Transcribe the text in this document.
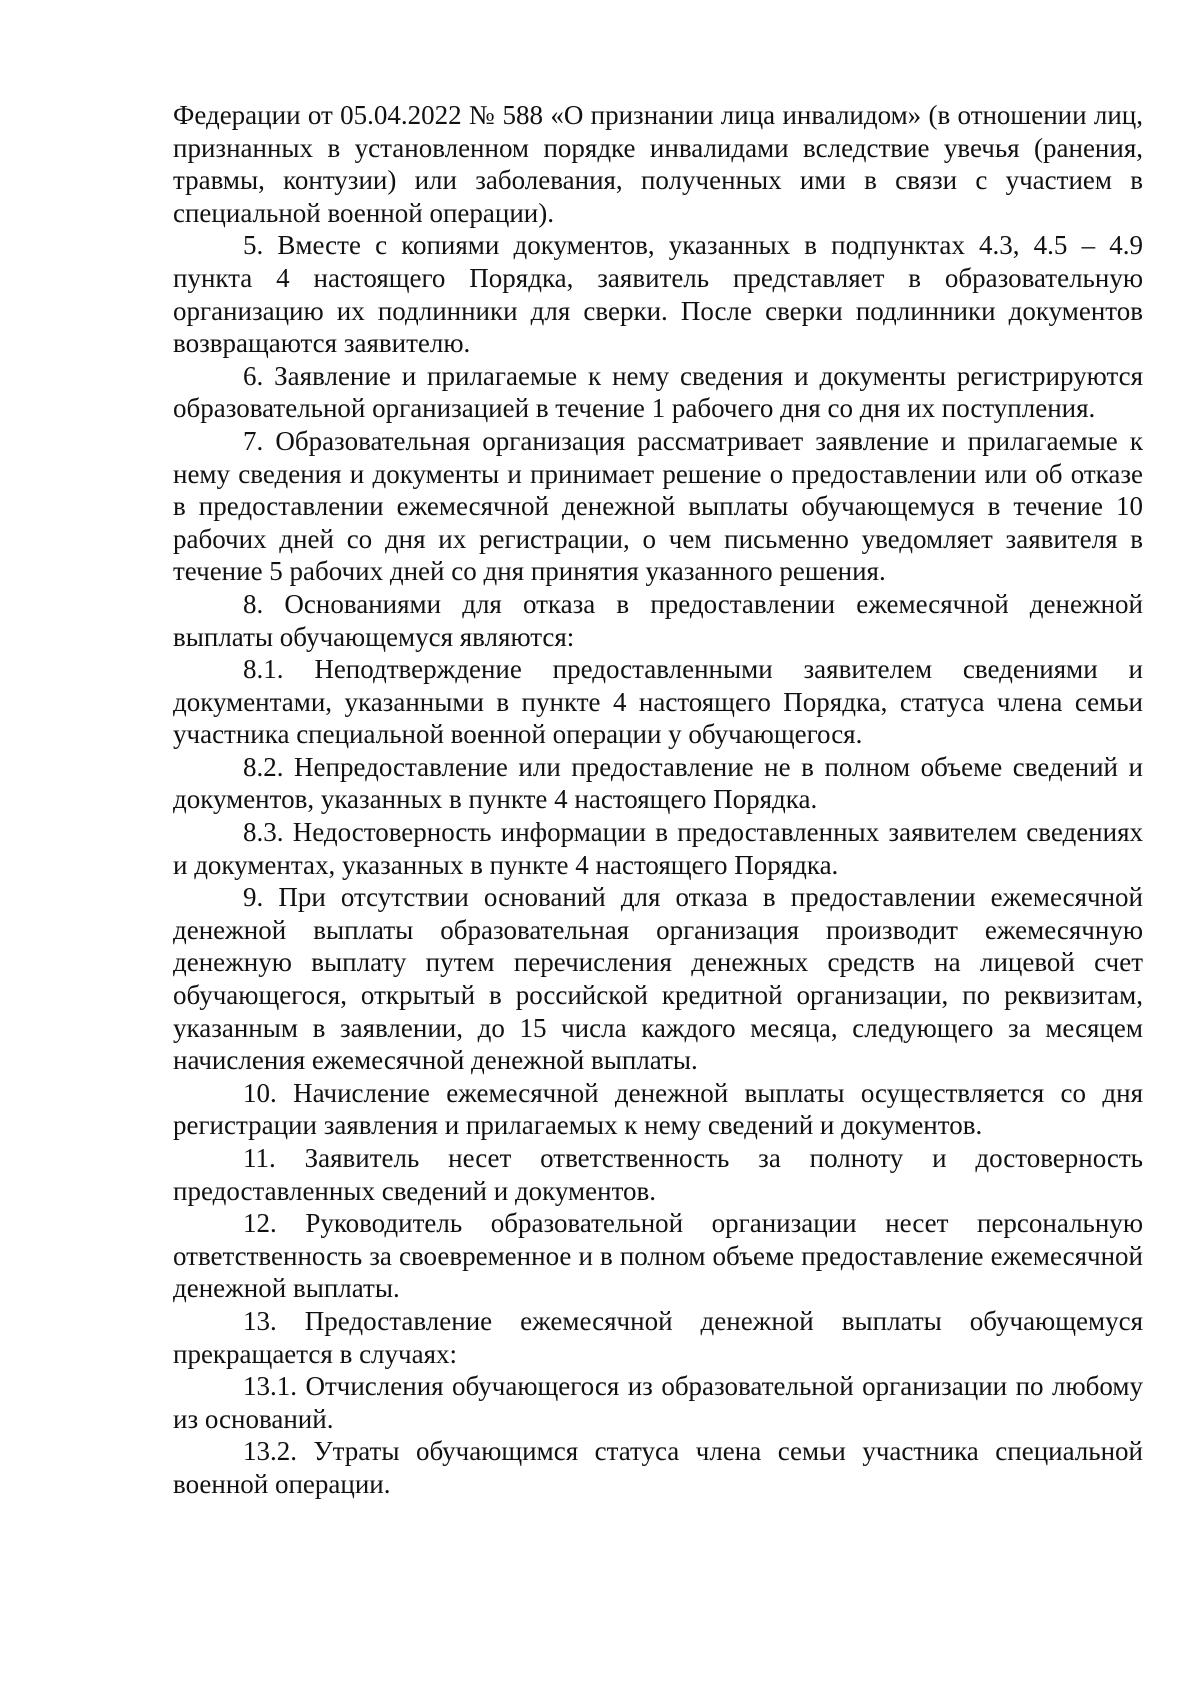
Федерации от 05.04.2022 № 588 «О признании лица инвалидом» (в отношении лиц, признанных в установленном порядке инвалидами вследствие увечья (ранения, травмы, контузии) или заболевания, полученных ими в связи с участием в специальной военной операции).

5. Вместе с копиями документов, указанных в подпунктах 4.3, 4.5 – 4.9 пункта 4 настоящего Порядка, заявитель представляет в образовательную организацию их подлинники для сверки. После сверки подлинники документов возвращаются заявителю.

6. Заявление и прилагаемые к нему сведения и документы регистрируются образовательной организацией в течение 1 рабочего дня со дня их поступления.

7. Образовательная организация рассматривает заявление и прилагаемые к нему сведения и документы и принимает решение о предоставлении или об отказе в предоставлении ежемесячной денежной выплаты обучающемуся в течение 10 рабочих дней со дня их регистрации, о чем письменно уведомляет заявителя в течение 5 рабочих дней со дня принятия указанного решения.

8. Основаниями для отказа в предоставлении ежемесячной денежной выплаты обучающемуся являются:

8.1. Неподтверждение предоставленными заявителем сведениями и документами, указанными в пункте 4 настоящего Порядка, статуса члена семьи участника специальной военной операции у обучающегося.

8.2. Непредоставление или предоставление не в полном объеме сведений и документов, указанных в пункте 4 настоящего Порядка.

8.3. Недостоверность информации в предоставленных заявителем сведениях и документах, указанных в пункте 4 настоящего Порядка.

9. При отсутствии оснований для отказа в предоставлении ежемесячной денежной выплаты образовательная организация производит ежемесячную денежную выплату путем перечисления денежных средств на лицевой счет обучающегося, открытый в российской кредитной организации, по реквизитам, указанным в заявлении, до 15 числа каждого месяца, следующего за месяцем начисления ежемесячной денежной выплаты.

10. Начисление ежемесячной денежной выплаты осуществляется со дня регистрации заявления и прилагаемых к нему сведений и документов.

11. Заявитель несет ответственность за полноту и достоверность предоставленных сведений и документов.

12. Руководитель образовательной организации несет персональную ответственность за своевременное и в полном объеме предоставление ежемесячной денежной выплаты.

13. Предоставление ежемесячной денежной выплаты обучающемуся прекращается в случаях:

13.1. Отчисления обучающегося из образовательной организации по любому из оснований.

13.2. Утраты обучающимся статуса члена семьи участника специальной военной операции.
